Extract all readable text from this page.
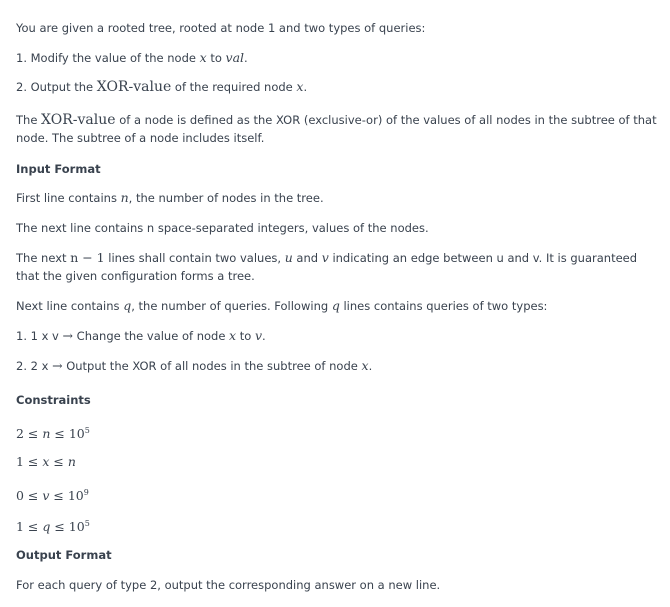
You are given a rooted tree, rooted at node 1 and two types of queries:
1. Modify the value of the node x to val.
2. Output the XOR-value of the required node x.
The XOR-value of a node is defined as the XOR (exclusive-or) of the values of all nodes in the subtree of that
node. The subtree of a node includes itself.
Input Format
First line contains n, the number of nodes in the tree.
The next line contains n space-separated integers, values of the nodes.
The next n − 1 lines shall contain two values, u and v indicating an edge between u and v. It is guaranteed
that the given configuration forms a tree.
Next line contains q, the number of queries. Following q lines contains queries of two types:
1. 1 x v → Change the value of node x to v.
2. 2 x → Output the XOR of all nodes in the subtree of node x.
Constraints
$2 \le n \le 10^5$
1 ≤ x ≤ n
$0 \le v \le 10^9$
$1 \le q \le 10^5$
Output Format
For each query of type 2, output the corresponding answer on a new line.
